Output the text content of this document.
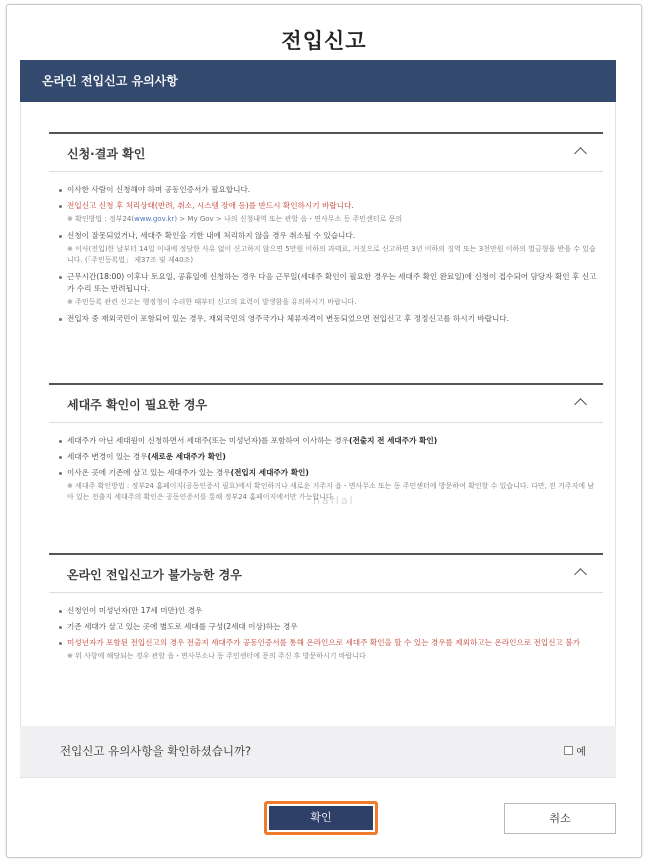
전입신고
온라인 전입신고 유의사항
hallal
신청·결과 확인
이사한 사람이 신청해야 하며 공동인증서가 필요합니다.
전입신고 신청 후 처리상태(반려, 취소, 시스템 장애 등)를 반드시 확인하시기 바랍니다.
※ 확인방법 : 정부24(www.gov.kr) > My Gov > 나의 신청내역 또는 관할 읍・면사무소 등 주민센터로 문의
신청이 잘못되었거나, 세대주 확인을 기한 내에 처리하지 않을 경우 취소될 수 있습니다.
※ 이사(전입)한 날부터 14일 이내에 정당한 사유 없이 신고하지 않으면 5만원 이하의 과태료, 거짓으로 신고하면 3년 이하의 징역 또는 3천만원 이하의 벌금형을 받을 수 있습니다. (「주민등록법」 제37조 및 제40조)
근무시간(18:00) 이후나 토요일, 공휴일에 신청하는 경우 다음 근무일(세대주 확인이 필요한 경우는 세대주 확인 완료일)에 신청이 접수되어 담당자 확인 후 신고가 수리 또는 반려됩니다.
※ 주민등록 관련 신고는 행정청이 수리한 때부터 신고의 효력이 발생함을 유의하시기 바랍니다.
전입자 중 재외국민이 포함되어 있는 경우, 재외국민의 영주국가나 체류자격이 변동되었으면 전입신고 후 정정신고를 하시기 바랍니다.
세대주 확인이 필요한 경우
세대주가 아닌 세대원이 신청하면서 세대주(또는 미성년자)를 포함하여 이사하는 경우(전출지 전 세대주가 확인)
세대주 변경이 있는 경우(새로운 세대주가 확인)
이사온 곳에 기존에 살고 있는 세대주가 있는 경우(전입지 세대주가 확인)
※ 세대주 확인방법 : 정부24 홈페이지(공동인증서 필요)에서 확인하거나 새로운 거주지 읍・면사무소 또는 동 주민센터에 방문하여 확인할 수 있습니다. 다만, 전 거주지에 남아 있는 전출지 세대주의 확인은 공동인증서를 통해 정부24 홈페이지에서만 가능합니다.
온라인 전입신고가 불가능한 경우
신청인이 미성년자(만 17세 미만)인 경우
기존 세대가 살고 있는 곳에 별도로 세대를 구성(2세대 이상)하는 경우
미성년자가 포함된 전입신고의 경우 전출지 세대주가 공동인증서를 통해 온라인으로 세대주 확인을 할 수 있는 경우를 제외하고는 온라인으로 전입신고 불가
※ 위 사항에 해당되는 경우 관할 읍・면사무소나 동 주민센터에 문의 주신 후 방문하시기 바랍니다
전입신고 유의사항을 확인하셨습니까?	예
확인	취소
